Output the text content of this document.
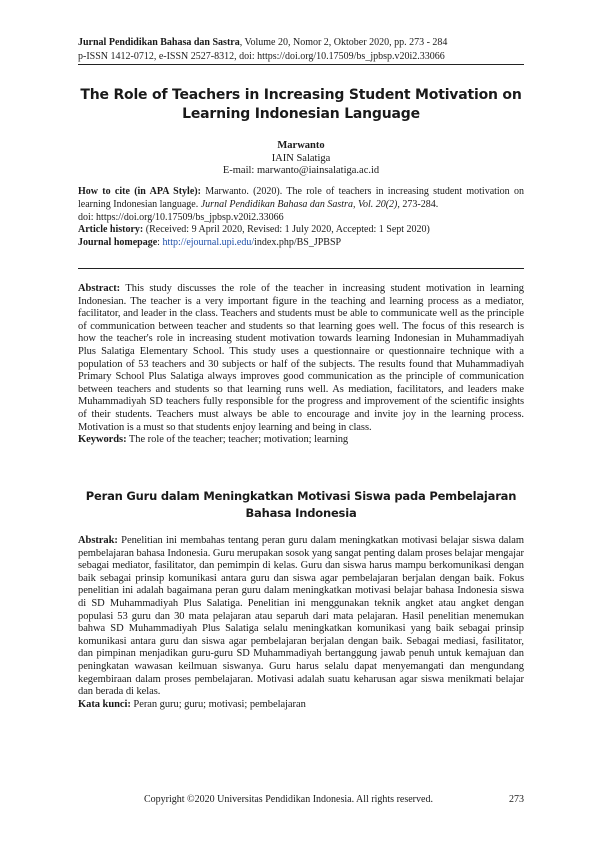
Jurnal Pendidikan Bahasa dan Sastra, Volume 20, Nomor 2, Oktober 2020, pp. 273 - 284
p-ISSN 1412-0712, e-ISSN 2527-8312, doi: https://doi.org/10.17509/bs_jpbsp.v20i2.33066
The Role of Teachers in Increasing Student Motivation on
Learning Indonesian Language
Marwanto
IAIN Salatiga
E-mail: marwanto@iainsalatiga.ac.id

How to cite (in APA Style): Marwanto. (2020). The role of teachers in increasing student motivation on learning Indonesian language. Jurnal Pendidikan Bahasa dan Sastra, Vol. 20(2), 273-284.

doi: https://doi.org/10.17509/bs_jpbsp.v20i2.33066

Article history: (Received: 9 April 2020, Revised: 1 July 2020, Accepted: 1 Sept 2020)

Journal homepage: http://ejournal.upi.edu/index.php/BS_JPBSP

Abstract: This study discusses the role of the teacher in increasing student motivation in learning Indonesian. The teacher is a very important figure in the teaching and learning process as a mediator, facilitator, and leader in the class. Teachers and students must be able to communicate well as the principle of communication between teacher and students so that learning goes well. The focus of this research is how the teacher's role in increasing student motivation towards learning Indonesian in Muhammadiyah Plus Salatiga Elementary School. This study uses a questionnaire or questionnaire technique with a population of 53 teachers and 30 subjects or half of the subjects. The results found that Muhammadiyah Primary School Plus Salatiga always improves good communication as the principle of communication between teachers and students so that learning runs well. As mediation, facilitators, and leaders make Muhammadiyah SD teachers fully responsible for the progress and improvement of the scientific insights of their students. Teachers must always be able to encourage and invite joy in the learning process. Motivation is a must so that students enjoy learning and being in class.

Keywords: The role of the teacher; teacher; motivation; learning

Peran Guru dalam Meningkatkan Motivasi Siswa pada Pembelajaran
Bahasa Indonesia

Abstrak: Penelitian ini membahas tentang peran guru dalam meningkatkan motivasi belajar siswa dalam pembelajaran bahasa Indonesia. Guru merupakan sosok yang sangat penting dalam proses belajar mengajar sebagai mediator, fasilitator, dan pemimpin di kelas. Guru dan siswa harus mampu berkomunikasi dengan baik sebagai prinsip komunikasi antara guru dan siswa agar pembelajaran berjalan dengan baik. Fokus penelitian ini adalah bagaimana peran guru dalam meningkatkan motivasi belajar bahasa Indonesia siswa di SD Muhammadiyah Plus Salatiga. Penelitian ini menggunakan teknik angket atau angket dengan populasi 53 guru dan 30 mata pelajaran atau separuh dari mata pelajaran. Hasil penelitian menemukan bahwa SD Muhammadiyah Plus Salatiga selalu meningkatkan komunikasi yang baik sebagai prinsip komunikasi antara guru dan siswa agar pembelajaran berjalan dengan baik. Sebagai mediasi, fasilitator, dan pimpinan menjadikan guru-guru SD Muhammadiyah bertanggung jawab penuh untuk kemajuan dan peningkatan wawasan keilmuan siswanya. Guru harus selalu dapat menyemangati dan mengundang kegembiraan dalam proses pembelajaran. Motivasi adalah suatu keharusan agar siswa menikmati belajar dan berada di kelas.

Kata kunci: Peran guru; guru; motivasi; pembelajaran

Copyright ©2020 Universitas Pendidikan Indonesia. All rights reserved.	273
